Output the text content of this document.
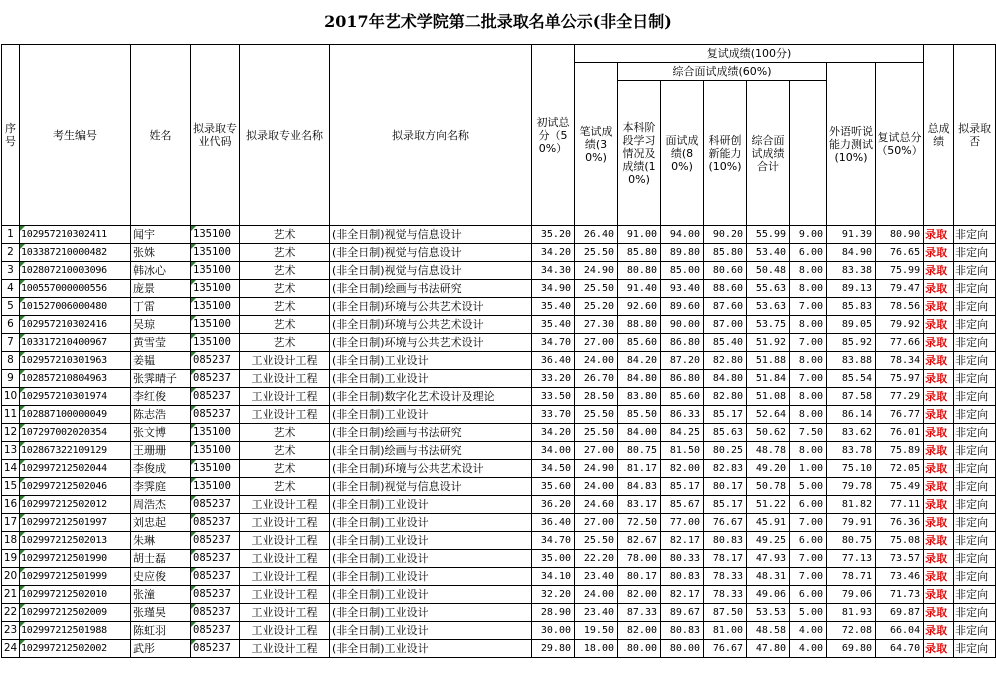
2017年艺术学院第二批录取名单公示(非全日制)
序号	考生编号	姓名	拟录取专业代码	拟录取专业名称	拟录取方向名称	初试总分（50%）	复试成绩(100分)								总成绩	拟录取否	
							笔试成绩(30%)	综合面试成绩(60%)					外语听说能力测试(10%)	复试总分（50%）			
								本科阶段学习情况及成绩(10%)	面试成绩(80%)	科研创新能力(10%)	综合面试成绩合计						
1	102957210302411	闻宇	135100	艺术	(非全日制)视觉与信息设计	35.20	26.40	91.00	94.00	90.20	55.99	9.00	91.39	80.90	录取	非定向	
2	103387210000482	张姝	135100	艺术	(非全日制)视觉与信息设计	34.20	25.50	85.80	89.80	85.80	53.40	6.00	84.90	76.65	录取	非定向	
3	102807210003096	韩冰心	135100	艺术	(非全日制)视觉与信息设计	34.30	24.90	80.80	85.00	80.60	50.48	8.00	83.38	75.99	录取	非定向	
4	100557000000556	庞景	135100	艺术	(非全日制)绘画与书法研究	34.90	25.50	91.40	93.40	88.60	55.63	8.00	89.13	79.47	录取	非定向	
5	101527006000480	丁雷	135100	艺术	(非全日制)环境与公共艺术设计	35.40	25.20	92.60	89.60	87.60	53.63	7.00	85.83	78.56	录取	非定向	
6	102957210302416	吴琼	135100	艺术	(非全日制)环境与公共艺术设计	35.40	27.30	88.80	90.00	87.00	53.75	8.00	89.05	79.92	录取	非定向	
7	103317210400967	黄雪莹	135100	艺术	(非全日制)环境与公共艺术设计	34.70	27.00	85.60	86.80	85.40	51.92	7.00	85.92	77.66	录取	非定向	
8	102957210301963	姜韫	085237	工业设计工程	(非全日制)工业设计	36.40	24.00	84.20	87.20	82.80	51.88	8.00	83.88	78.34	录取	非定向	
9	102857210804963	张霁晴子	085237	工业设计工程	(非全日制)工业设计	33.20	26.70	84.80	86.80	84.80	51.84	7.00	85.54	75.97	录取	非定向	
10	102957210301974	李红俊	085237	工业设计工程	(非全日制)数字化艺术设计及理论	33.50	28.50	83.80	85.60	82.80	51.08	8.00	87.58	77.29	录取	非定向	
11	102887100000049	陈志浩	085237	工业设计工程	(非全日制)工业设计	33.70	25.50	85.50	86.33	85.17	52.64	8.00	86.14	76.77	录取	非定向	
12	107297002020354	张文博	135100	艺术	(非全日制)绘画与书法研究	34.20	25.50	84.00	84.25	85.63	50.62	7.50	83.62	76.01	录取	非定向	
13	102867322109129	王珊珊	135100	艺术	(非全日制)绘画与书法研究	34.00	27.00	80.75	81.50	80.25	48.78	8.00	83.78	75.89	录取	非定向	
14	102997212502044	李俊成	135100	艺术	(非全日制)环境与公共艺术设计	34.50	24.90	81.17	82.00	82.83	49.20	1.00	75.10	72.05	录取	非定向	
15	102997212502046	李霁庭	135100	艺术	(非全日制)视觉与信息设计	35.60	24.00	84.83	85.17	80.17	50.78	5.00	79.78	75.49	录取	非定向	
16	102997212502012	周浩杰	085237	工业设计工程	(非全日制)工业设计	36.20	24.60	83.17	85.67	85.17	51.22	6.00	81.82	77.11	录取	非定向	
17	102997212501997	刘忠起	085237	工业设计工程	(非全日制)工业设计	36.40	27.00	72.50	77.00	76.67	45.91	7.00	79.91	76.36	录取	非定向	
18	102997212502013	朱琳	085237	工业设计工程	(非全日制)工业设计	34.70	25.50	82.67	82.17	80.83	49.25	6.00	80.75	75.08	录取	非定向	
19	102997212501990	胡士磊	085237	工业设计工程	(非全日制)工业设计	35.00	22.20	78.00	80.33	78.17	47.93	7.00	77.13	73.57	录取	非定向	
20	102997212501999	史应俊	085237	工业设计工程	(非全日制)工业设计	34.10	23.40	80.17	80.83	78.33	48.31	7.00	78.71	73.46	录取	非定向	
21	102997212502010	张潼	085237	工业设计工程	(非全日制)工业设计	32.20	24.00	82.00	82.17	78.33	49.06	6.00	79.06	71.73	录取	非定向	
22	102997212502009	张瑾昊	085237	工业设计工程	(非全日制)工业设计	28.90	23.40	87.33	89.67	87.50	53.53	5.00	81.93	69.87	录取	非定向	
23	102997212501988	陈虹羽	085237	工业设计工程	(非全日制)工业设计	30.00	19.50	82.00	80.83	81.00	48.58	4.00	72.08	66.04	录取	非定向	
24	102997212502002	武彤	085237	工业设计工程	(非全日制)工业设计	29.80	18.00	80.00	80.00	76.67	47.80	4.00	69.80	64.70	录取	非定向	
